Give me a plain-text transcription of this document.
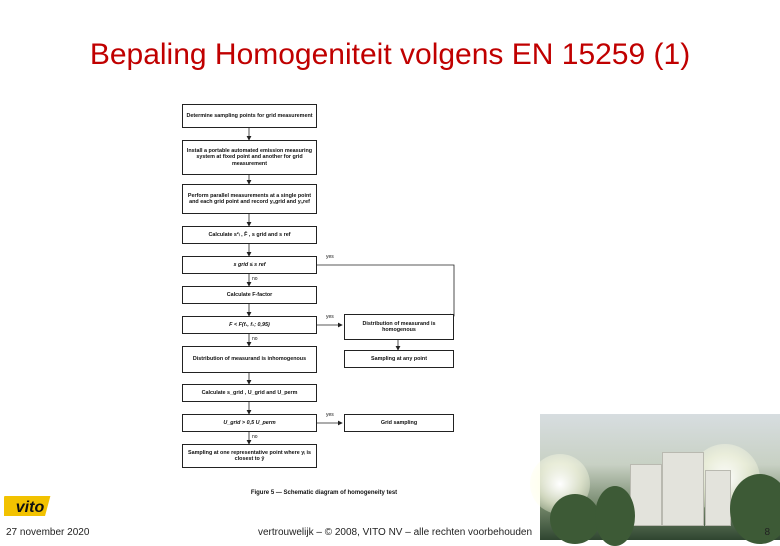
Bepaling Homogeniteit volgens EN 15259 (1)
Determine sampling points for grid measurement
Install a portable automated emission measuring system at fixed point and another for grid measurement
Perform parallel measurements at a single point and each grid point and record yᵢ,grid and yᵢ,ref
Calculate s²ₗ , F̄ , s grid and s ref
s grid ≤ s ref
Calculate F-factor
F < F(f₁, f₂; 0,95)
Distribution of measurand is inhomogenous
Calculate s_grid , U_grid and U_perm
U_grid > 0,5 U_perm
Sampling at one representative point where yᵢ is closest to ȳ
Distribution of measurand is homogenous
Sampling at any point
Grid sampling
yes
no
yes
no
yes
no
Figure 5 — Schematic diagram of homogeneity test
vito
27 november 2020	vertrouwelijk – © 2008, VITO NV – alle rechten voorbehouden	8
